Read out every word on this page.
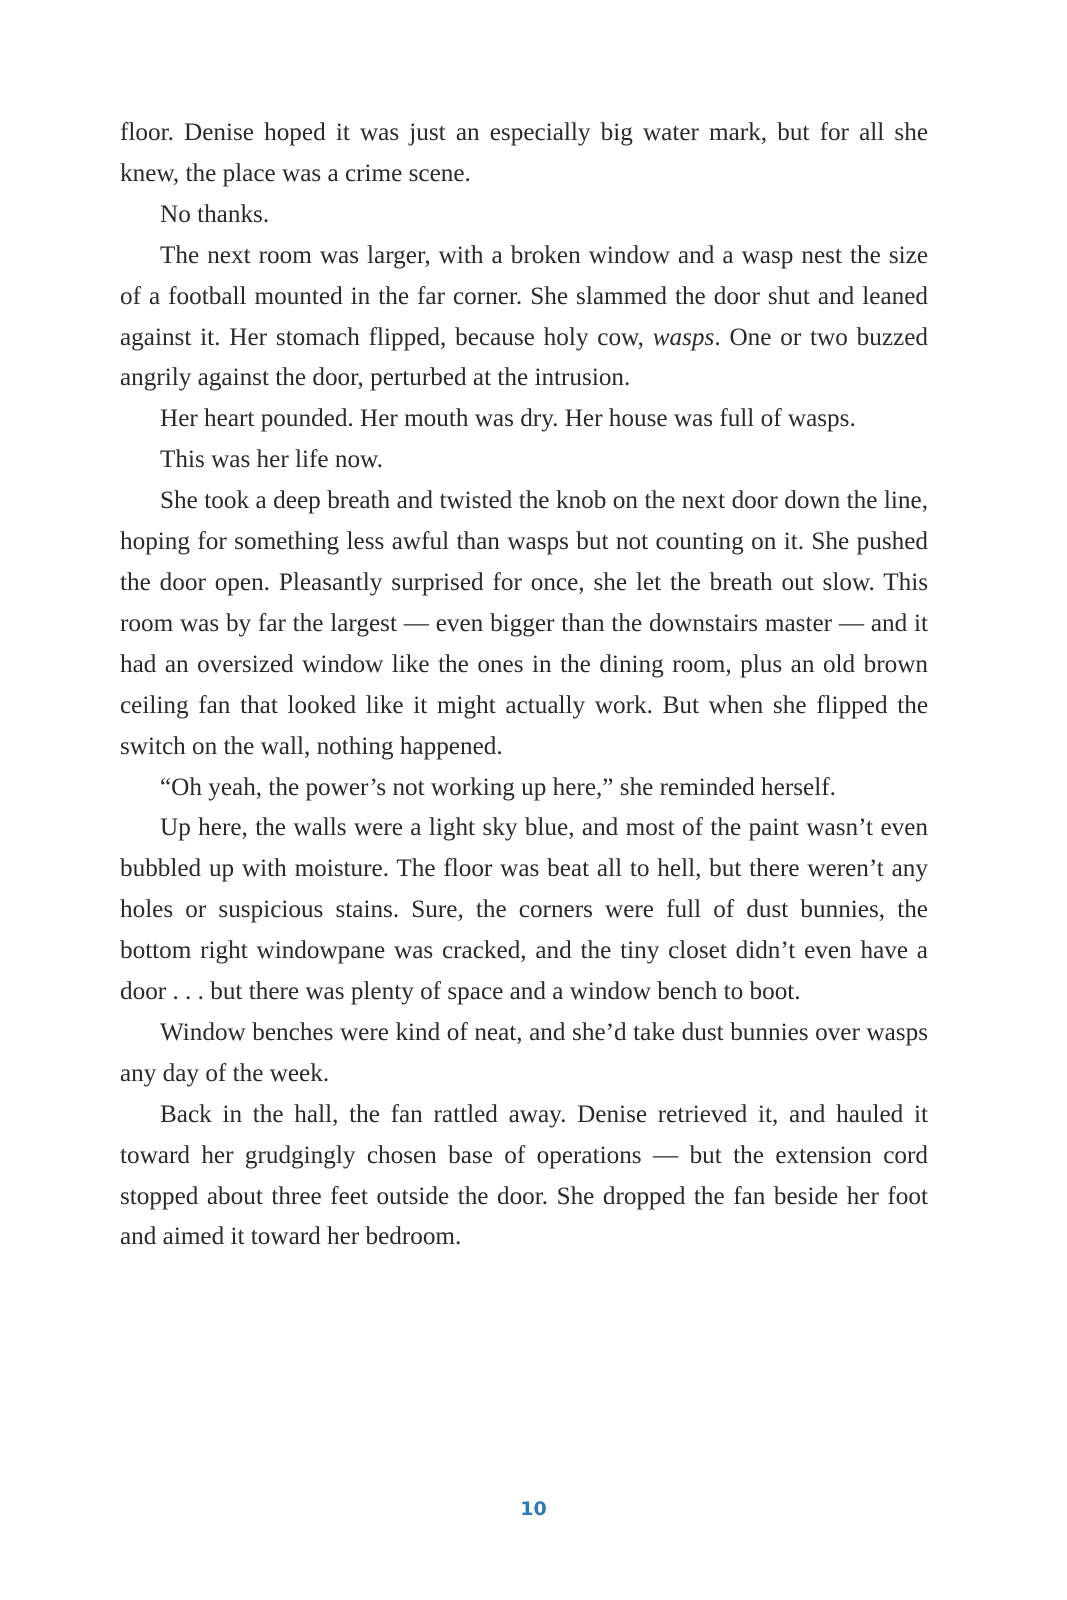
floor. Denise hoped it was just an especially big water mark, but for all she knew, the place was a crime scene.

No thanks.

The next room was larger, with a broken window and a wasp nest the size of a football mounted in the far corner. She slammed the door shut and leaned against it. Her stomach flipped, because holy cow, wasps. One or two buzzed angrily against the door, perturbed at the intrusion.

Her heart pounded. Her mouth was dry. Her house was full of wasps.

This was her life now.

She took a deep breath and twisted the knob on the next door down the line, hoping for something less awful than wasps but not counting on it. She pushed the door open. Pleasantly surprised for once, she let the breath out slow. This room was by far the largest — even bigger than the downstairs master — and it had an oversized window like the ones in the dining room, plus an old brown ceiling fan that looked like it might actually work. But when she flipped the switch on the wall, nothing happened.

“Oh yeah, the power’s not working up here,” she reminded herself.

Up here, the walls were a light sky blue, and most of the paint wasn’t even bubbled up with moisture. The floor was beat all to hell, but there weren’t any holes or suspicious stains. Sure, the corners were full of dust bunnies, the bottom right windowpane was cracked, and the tiny closet didn’t even have a door . . . but there was plenty of space and a window bench to boot.

Window benches were kind of neat, and she’d take dust bunnies over wasps any day of the week.

Back in the hall, the fan rattled away. Denise retrieved it, and hauled it toward her grudgingly chosen base of operations — but the extension cord stopped about three feet outside the door. She dropped the fan beside her foot and aimed it toward her bedroom.

10
